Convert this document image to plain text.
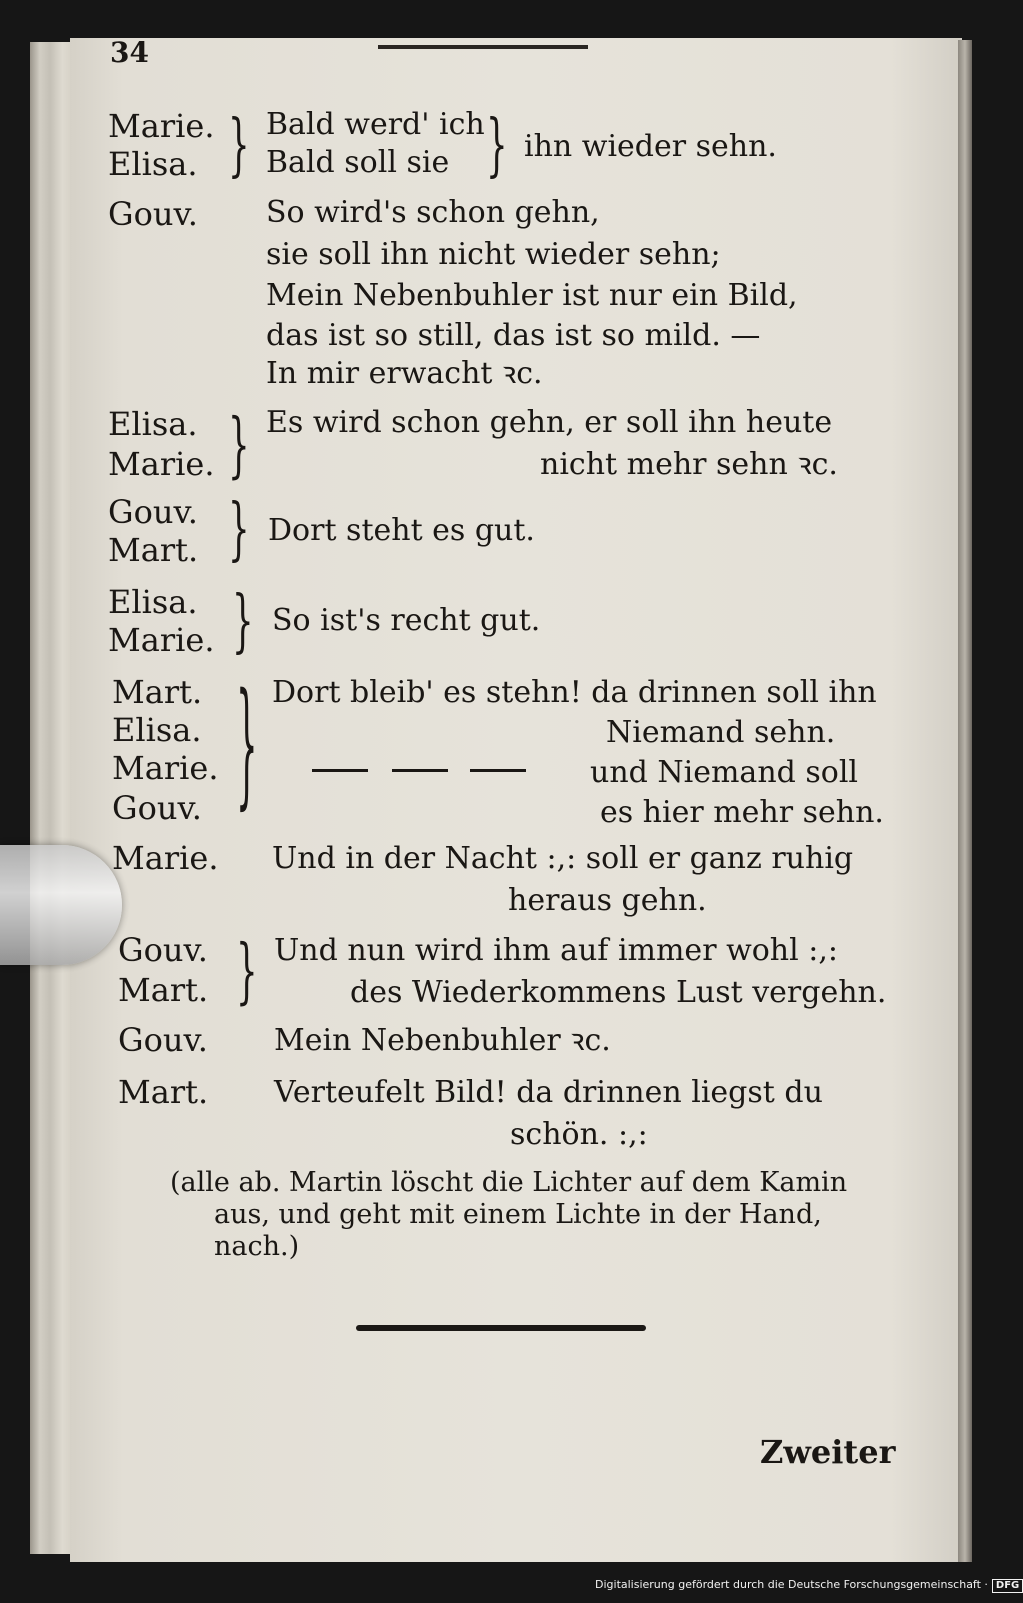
34
Marie.
Elisa. } Bald werd' ich
Bald soll sie } ihn wieder sehn.
Gouv. So wird's schon gehn,
sie soll ihn nicht wieder sehn;
Mein Nebenbuhler ist nur ein Bild,
das ist so still, das ist so mild. —
In mir erwacht ꝛc.
Elisa.
Marie. } Es wird schon gehn, er soll ihn heute
nicht mehr sehn ꝛc.
Gouv.
Mart. } Dort steht es gut.
Elisa.
Marie. } So ist's recht gut.
Mart.
Elisa.
Marie.
Gouv. } Dort bleib' es stehn! da drinnen soll ihn
Niemand sehn.
und Niemand soll
es hier mehr sehn.
Marie. Und in der Nacht :,: soll er ganz ruhig
heraus gehn.
Gouv.
Mart. } Und nun wird ihm auf immer wohl :,:
des Wiederkommens Lust vergehn.
Gouv. Mein Nebenbuhler ꝛc.
Mart. Verteufelt Bild! da drinnen liegst du
schön. :,:
(alle ab. Martin löscht die Lichter auf dem Kamin
aus, und geht mit einem Lichte in der Hand,
nach.)
Zweiter
Digitalisierung gefördert durch die Deutsche Forschungsgemeinschaft · DFG
